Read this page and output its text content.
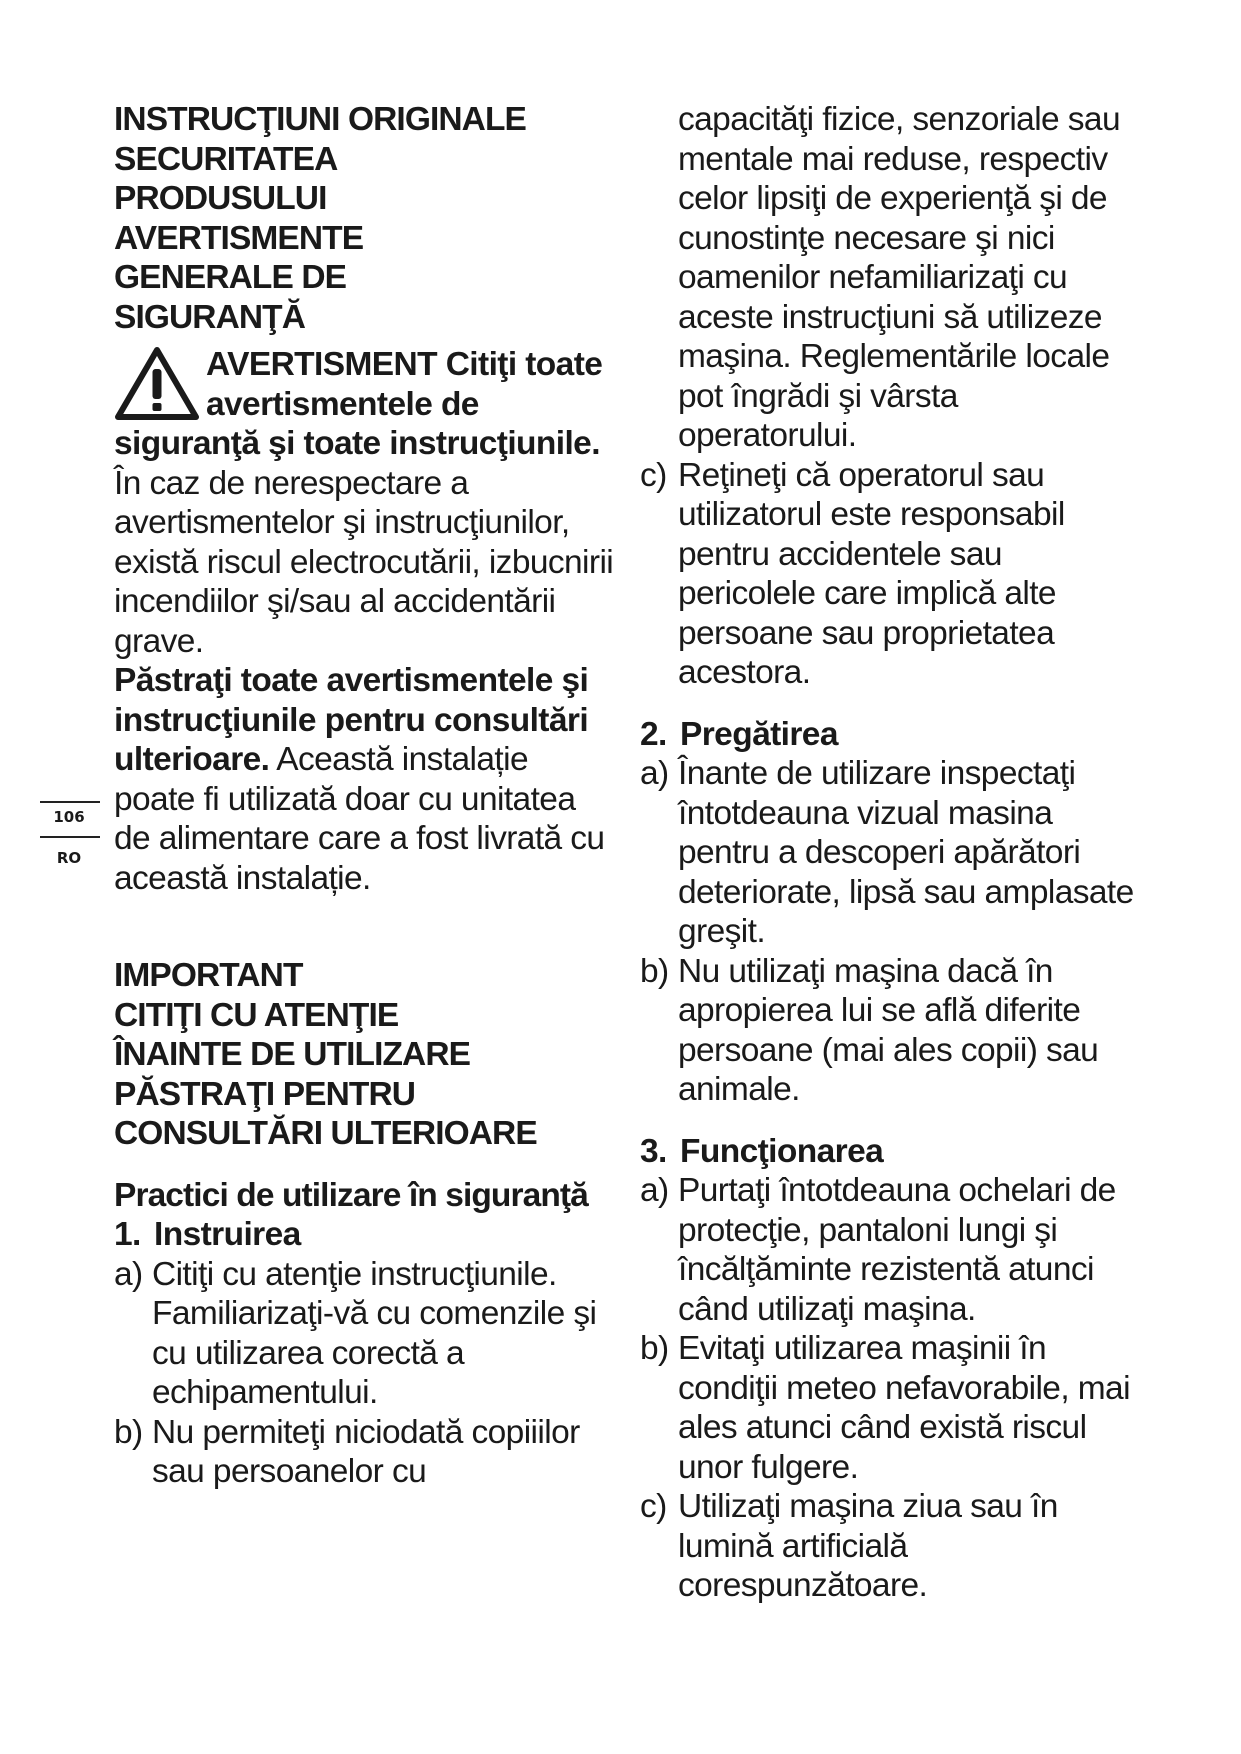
106
RO

INSTRUCŢIUNI ORIGINALE

SECURITATEA

PRODUSULUI

AVERTISMENTE

GENERALE DE

SIGURANŢĂ

AVERTISMENT Citiţi toate avertismentele de siguranţă şi toate instrucţiunile. În caz de nerespectare a avertismentelor şi instrucţiunilor, există riscul electrocutării, izbucnirii incendiilor şi/sau al accidentării grave.

Păstraţi toate avertismentele şi instrucţiunile pentru consultări ulterioare. Această instalație poate fi utilizată doar cu unitatea de alimentare care a fost livrată cu această instalație.

IMPORTANT

CITIŢI CU ATENŢIE

ÎNAINTE DE UTILIZARE

PĂSTRAŢI PENTRU

CONSULTĂRI ULTERIOARE

Practici de utilizare în siguranţă

1. Instruirea
a) Citiţi cu atenţie instrucţiunile. Familiarizaţi-vă cu comenzile şi cu utilizarea corectă a echipamentului.
b) Nu permiteţi niciodată copiiilor sau persoanelor cu
capacităţi fizice, senzoriale sau mentale mai reduse, respectiv celor lipsiţi de experienţă şi de cunostinţe necesare şi nici oamenilor nefamiliarizaţi cu aceste instrucţiuni să utilizeze maşina. Reglementările locale pot îngrădi şi vârsta operatorului.
c) Reţineţi că operatorul sau utilizatorul este responsabil pentru accidentele sau pericolele care implică alte persoane sau proprietatea acestora.
2. Pregătirea
a) Înante de utilizare inspectaţi întotdeauna vizual masina pentru a descoperi apărători deteriorate, lipsă sau amplasate greşit.
b) Nu utilizaţi maşina dacă în apropierea lui se află diferite persoane (mai ales copii) sau animale.
3. Funcţionarea
a) Purtaţi întotdeauna ochelari de protecţie, pantaloni lungi şi încălţăminte rezistentă atunci când utilizaţi maşina.
b) Evitaţi utilizarea maşinii în condiţii meteo nefavorabile, mai ales atunci când există riscul unor fulgere.
c) Utilizaţi maşina ziua sau în lumină artificială corespunzătoare.
